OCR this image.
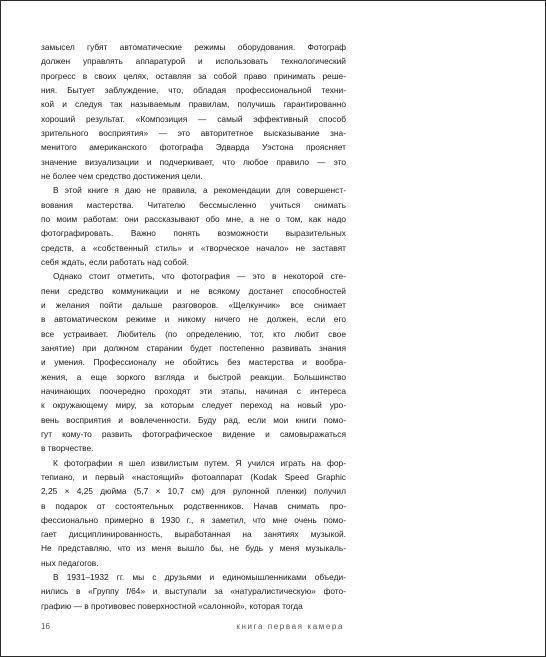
замысел губят автоматические режимы оборудования. Фотограф
должен управлять аппаратурой и использовать технологический
прогресс в своих целях, оставляя за собой право принимать реше-
ния. Бытует заблуждение, что, обладая профессиональной техни-
кой и следуя так называемым правилам, получишь гарантированно
хороший результат. «Композиция — самый эффективный способ
зрительного восприятия» — это авторитетное высказывание зна-
менитого американского фотографа Эдварда Уэстона проясняет
значение визуализации и подчеркивает, что любое правило — это
не более чем средство достижения цели.

В этой книге я даю не правила, а рекомендации для совершенст-
вования мастерства. Читателю бессмысленно учиться снимать
по моим работам: они рассказывают обо мне, а не о том, как надо
фотографировать. Важно понять возможности выразительных
средств, а «собственный стиль» и «творческое начало» не заставят
себя ждать, если работать над собой.

Однако стоит отметить, что фотография — это в некоторой сте-
пени средство коммуникации и не всякому достанет способностей
и желания пойти дальше разговоров. «Щелкунчик» все снимает
в автоматическом режиме и никому ничего не должен, если его
все устраивает. Любитель (по определению, тот, кто любит свое
занятие) при должном старании будет постепенно развивать знания
и умения. Профессионалу не обойтись без мастерства и вообра-
жения, а еще зоркого взгляда и быстрой реакции. Большинство
начинающих поочередно проходят эти этапы, начиная с интереса
к окружающему миру, за которым следует переход на новый уро-
вень восприятия и вовлеченности. Буду рад, если мои книги помо-
гут кому-то развить фотографическое видение и самовыражаться
в творчестве.

К фотографии я шел извилистым путем. Я учился играть на фор-
тепиано, и первый «настоящий» фотоаппарат (Kodak Speed Graphic
2,25 × 4,25 дюйма (5,7 × 10,7 см) для рулонной пленки) получил
в подарок от состоятельных родственников. Начав снимать про-
фессионально примерно в 1930 г., я заметил, что мне очень помо-
гает дисциплинированность, выработанная на занятиях музыкой.
Не представляю, что из меня вышло бы, не будь у меня музыкаль-
ных педагогов.

В 1931–1932 гг. мы с друзьями и единомышленниками объеди-
нились в «Группу f/64» и выступали за «натуралистическую» фото-
графию — в противовес поверхностной «салонной», которая тогда

16	книга первая камера
